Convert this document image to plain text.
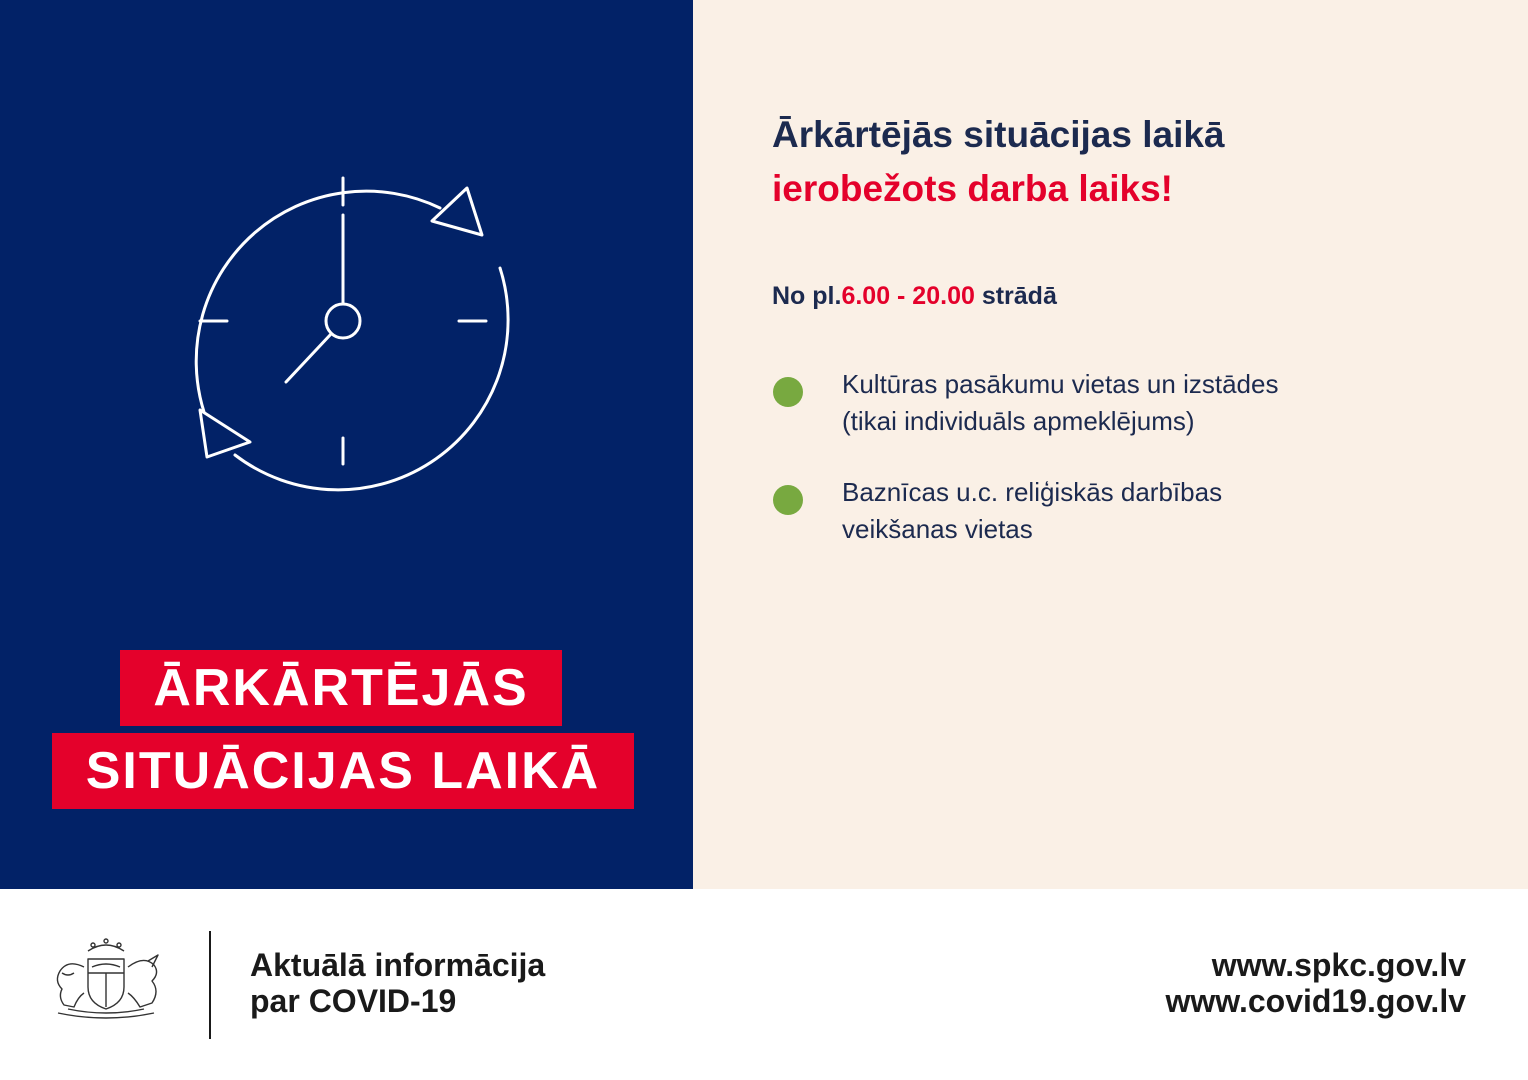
ĀRKĀRTĒJĀS
SITUĀCIJAS LAIKĀ
Ārkārtējās situācijas laikā
ierobežots darba laiks!
No pl.6.00 - 20.00 strādā
Kultūras pasākumu vietas un izstādes
(tikai individuāls apmeklējums)
Baznīcas u.c. reliģiskās darbības
veikšanas vietas
Aktuālā informācija
par COVID-19
www.spkc.gov.lv
www.covid19.gov.lv
